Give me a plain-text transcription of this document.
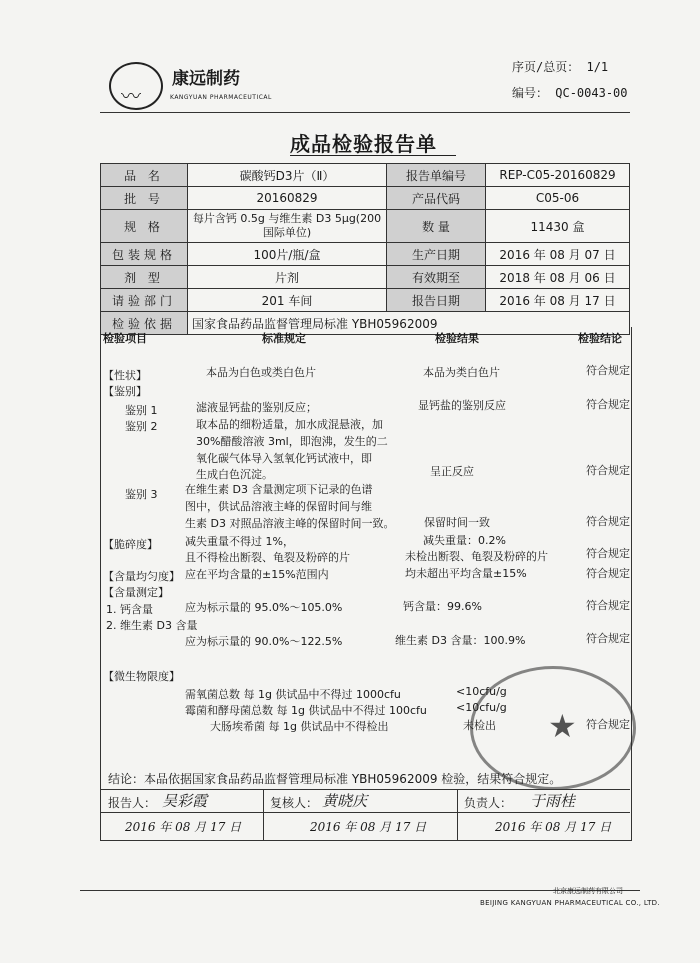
〰
康远制药
KANGYUAN PHARMACEUTICAL
序页/总页： 1/1
编号： QC-0043-00
成品检验报告单
品 名	碳酸钙D3片（Ⅱ）	报告单编号	REP-C05-20160829
批 号	20160829	产品代码	C05-06
规 格	每片含钙 0.5g 与维生素 D3 5μg(200国际单位)	数 量	11430 盒
包装规格	100片/瓶/盒	生产日期	2016 年 08 月 07 日
剂 型	片剂	有效期至	2018 年 08 月 06 日
请验部门	201 车间	报告日期	2016 年 08 月 17 日
检验依据	国家食品药品监督管理局标准 YBH05962009		
检验项目	标准规定	检验结果	检验结论
【性状】	本品为白色或类白色片	本品为类白色片	符合规定
【鉴别】
鉴别 1	滤液显钙盐的鉴别反应；	显钙盐的鉴别反应	符合规定
鉴别 2	取本品的细粉适量，加水成混悬液，加
30%醋酸溶液 3ml，即泡沸，发生的二
氧化碳气体导入氢氧化钙试液中，即
生成白色沉淀。	呈正反应	符合规定
鉴别 3	在维生素 D3 含量测定项下记录的色谱
图中，供试品溶液主峰的保留时间与维
生素 D3 对照品溶液主峰的保留时间一致。	保留时间一致	符合规定
【脆碎度】 减失重量不得过 1%，	减失重量：0.2%
且不得检出断裂、龟裂及粉碎的片	未检出断裂、龟裂及粉碎的片	符合规定
【含量均匀度】 应在平均含量的±15%范围内	均未超出平均含量±15%	符合规定
【含量测定】
1. 钙含量	应为标示量的 95.0%～105.0%	钙含量：99.6%	符合规定
2. 维生素 D3 含量
应为标示量的 90.0%～122.5%	维生素 D3 含量：100.9%	符合规定
【微生物限度】
需氧菌总数 每 1g 供试品中不得过 1000cfu	<10cfu/g
霉菌和酵母菌总数 每 1g 供试品中不得过 100cfu	<10cfu/g
大肠埃希菌 每 1g 供试品中不得检出	未检出	符合规定
★
结论：本品依据国家食品药品监督管理局标准 YBH05962009 检验，结果符合规定。
报告人： 吴彩霞
2016 年 08 月 17 日
复核人： 黄晓庆
2016 年 08 月 17 日
负责人： 于雨桂
2016 年 08 月 17 日
北京康远制药有限公司
BEIJING KANGYUAN PHARMACEUTICAL CO., LTD.
